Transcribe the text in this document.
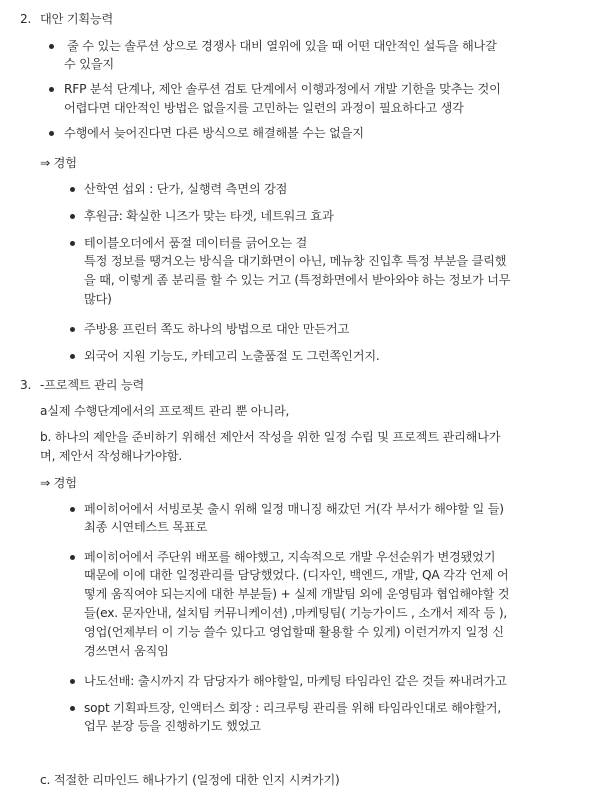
2. 대안 기획능력
줄 수 있는 솔루션 상으로 경쟁사 대비 열위에 있을 때 어떤 대안적인 설득을 해나갈
수 있을지
RFP 분석 단계나, 제안 솔루션 검토 단계에서 이행과정에서 개발 기한을 맞추는 것이
어렵다면 대안적인 방법은 없을지를 고민하는 일련의 과정이 필요하다고 생각
수행에서 늦어진다면 다른 방식으로 해결해볼 수는 없을지
⇒ 경험
산학연 섭외 : 단가, 실행력 측면의 강점
후원금: 확실한 니즈가 맞는 타겟, 네트워크 효과
테이블오더에서 품절 데이터를 긁어오는 걸
특정 정보를 땡겨오는 방식을 대기화면이 아닌, 메뉴창 진입후 특정 부분을 클릭했
을 때, 이렇게 좀 분리를 할 수 있는 거고 (특정화면에서 받아와야 하는 정보가 너무
많다)
주방용 프린터 쪽도 하나의 방법으로 대안 만든거고
외국어 지원 기능도, 카테고리 노출품절 도 그런쪽인거지.
3. -프로젝트 관리 능력
a실제 수행단계에서의 프로젝트 관리 뿐 아니라,
b. 하나의 제안을 준비하기 위해선 제안서 작성을 위한 일정 수립 및 프로젝트 관리해나가
며, 제안서 작성해나가야함.
⇒ 경험
페이히어에서 서빙로봇 출시 위해 일정 매니징 해갔던 거(각 부서가 해야할 일 들)
최종 시연테스트 목표로
페이히어에서 주단위 배포를 해야했고, 지속적으로 개발 우선순위가 변경됐었기
때문에 이에 대한 일정관리를 담당했었다. (디자인, 백엔드, 개발, QA 각각 언제 어
떻게 움직여야 되는지에 대한 부분들) + 실제 개발팀 외에 운영팀과 협업해야할 것
들(ex. 문자안내, 설치팀 커뮤니케이션) ,마케팅팀( 기능가이드 , 소개서 제작 등 ),
영업(언제부터 이 기능 쓸수 있다고 영업할때 활용할 수 있게) 이런거까지 일정 신
경쓰면서 움직임
나도선배: 출시까지 각 담당자가 해야할일, 마케팅 타임라인 같은 것들 짜내려가고
sopt 기획파트장, 인액터스 회장 : 리크루팅 관리를 위해 타임라인대로 해야할거,
업무 분장 등을 진행하기도 했었고
c. 적절한 리마인드 해나가기 (일정에 대한 인지 시켜가기)
